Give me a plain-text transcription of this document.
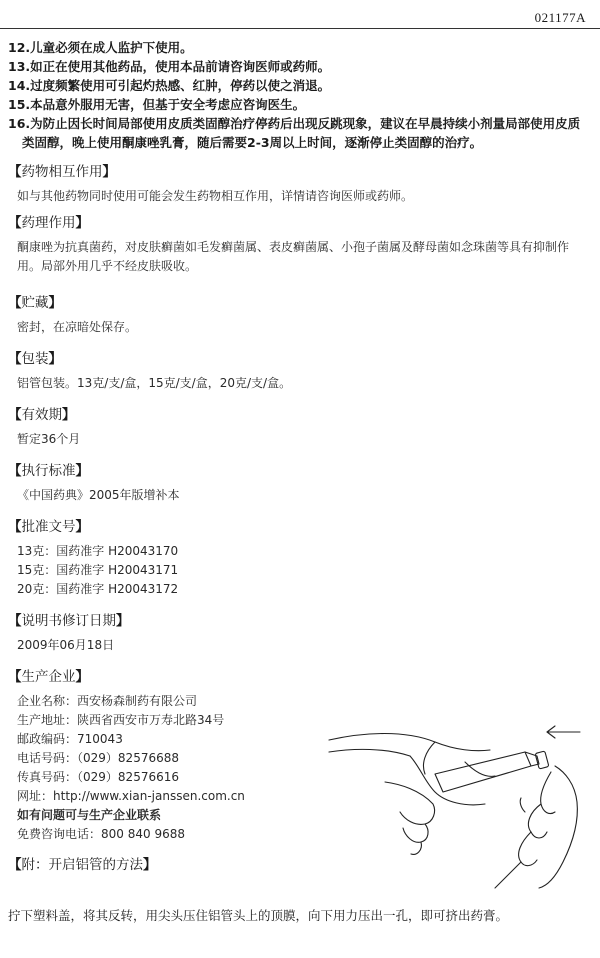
021177A
12.儿童必须在成人监护下使用。
13.如正在使用其他药品，使用本品前请咨询医师或药师。
14.过度频繁使用可引起灼热感、红肿，停药以使之消退。
15.本品意外服用无害，但基于安全考虑应咨询医生。
16.为防止因长时间局部使用皮质类固醇治疗停药后出现反跳现象，建议在早晨持续小剂量局部使用皮质类固醇，晚上使用酮康唑乳膏，随后需要2-3周以上时间，逐渐停止类固醇的治疗。
【药物相互作用】
如与其他药物同时使用可能会发生药物相互作用，详情请咨询医师或药师。
【药理作用】
酮康唑为抗真菌药，对皮肤癣菌如毛发癣菌属、表皮癣菌属、小孢子菌属及酵母菌如念珠菌等具有抑制作用。局部外用几乎不经皮肤吸收。
【贮藏】
密封，在凉暗处保存。
【包装】
铝管包装。13克/支/盒，15克/支/盒，20克/支/盒。
【有效期】
暂定36个月
【执行标准】
《中国药典》2005年版增补本
【批准文号】
13克：国药准字 H20043170
15克：国药准字 H20043171
20克：国药准字 H20043172
【说明书修订日期】
2009年06月18日
【生产企业】
企业名称：西安杨森制药有限公司
生产地址：陕西省西安市万寿北路34号
邮政编码：710043
电话号码：（029）82576688
传真号码：（029）82576616
网址：http://www.xian-janssen.com.cn
如有问题可与生产企业联系
免费咨询电话：800 840 9688
【附：开启铝管的方法】
拧下塑料盖，将其反转，用尖头压住铝管头上的顶膜，向下用力压出一孔，即可挤出药膏。
